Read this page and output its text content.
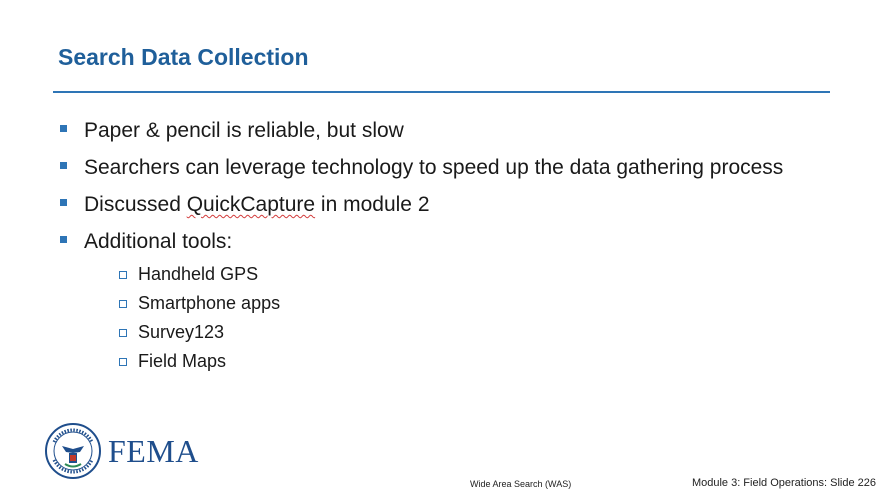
Search Data Collection
Paper & pencil is reliable, but slow
Searchers can leverage technology to speed up the data gathering process
Discussed QuickCapture in module 2
Additional tools:
Handheld GPS
Smartphone apps
Survey123
Field Maps
FEMA
Wide Area Search (WAS)	Module 3: Field Operations: Slide 226
